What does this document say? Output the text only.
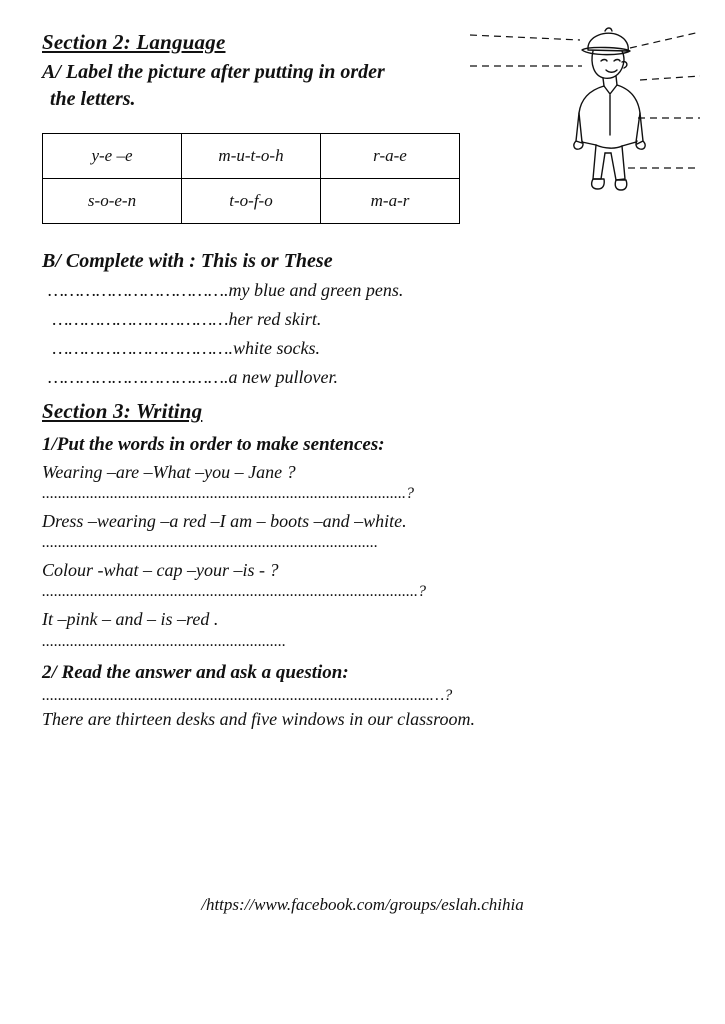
Section 2: Language

A/ Label the picture after putting in order

the letters.

y-e –e	m-u-t-o-h	r-a-e
s-o-e-n	t-o-f-o	m-a-r

B/ Complete with : This is or These

…………………………….my blue and green pens.

……………………………her red skirt.

…………………………….white socks.

…………………………….a new pullover.

Section 3: Writing

1/Put the words in order to make sentences:

Wearing –are –What –you – Jane ?

...........................................................................................?

Dress –wearing –a red –I am – boots –and –white.

....................................................................................

Colour -what – cap –your –is - ?

..............................................................................................?

It –pink – and – is –red .

.............................................................

2/ Read the answer and ask a question:

.................................................................................................…?

There are thirteen desks and five windows in our classroom.

/https://www.facebook.com/groups/eslah.chihia
